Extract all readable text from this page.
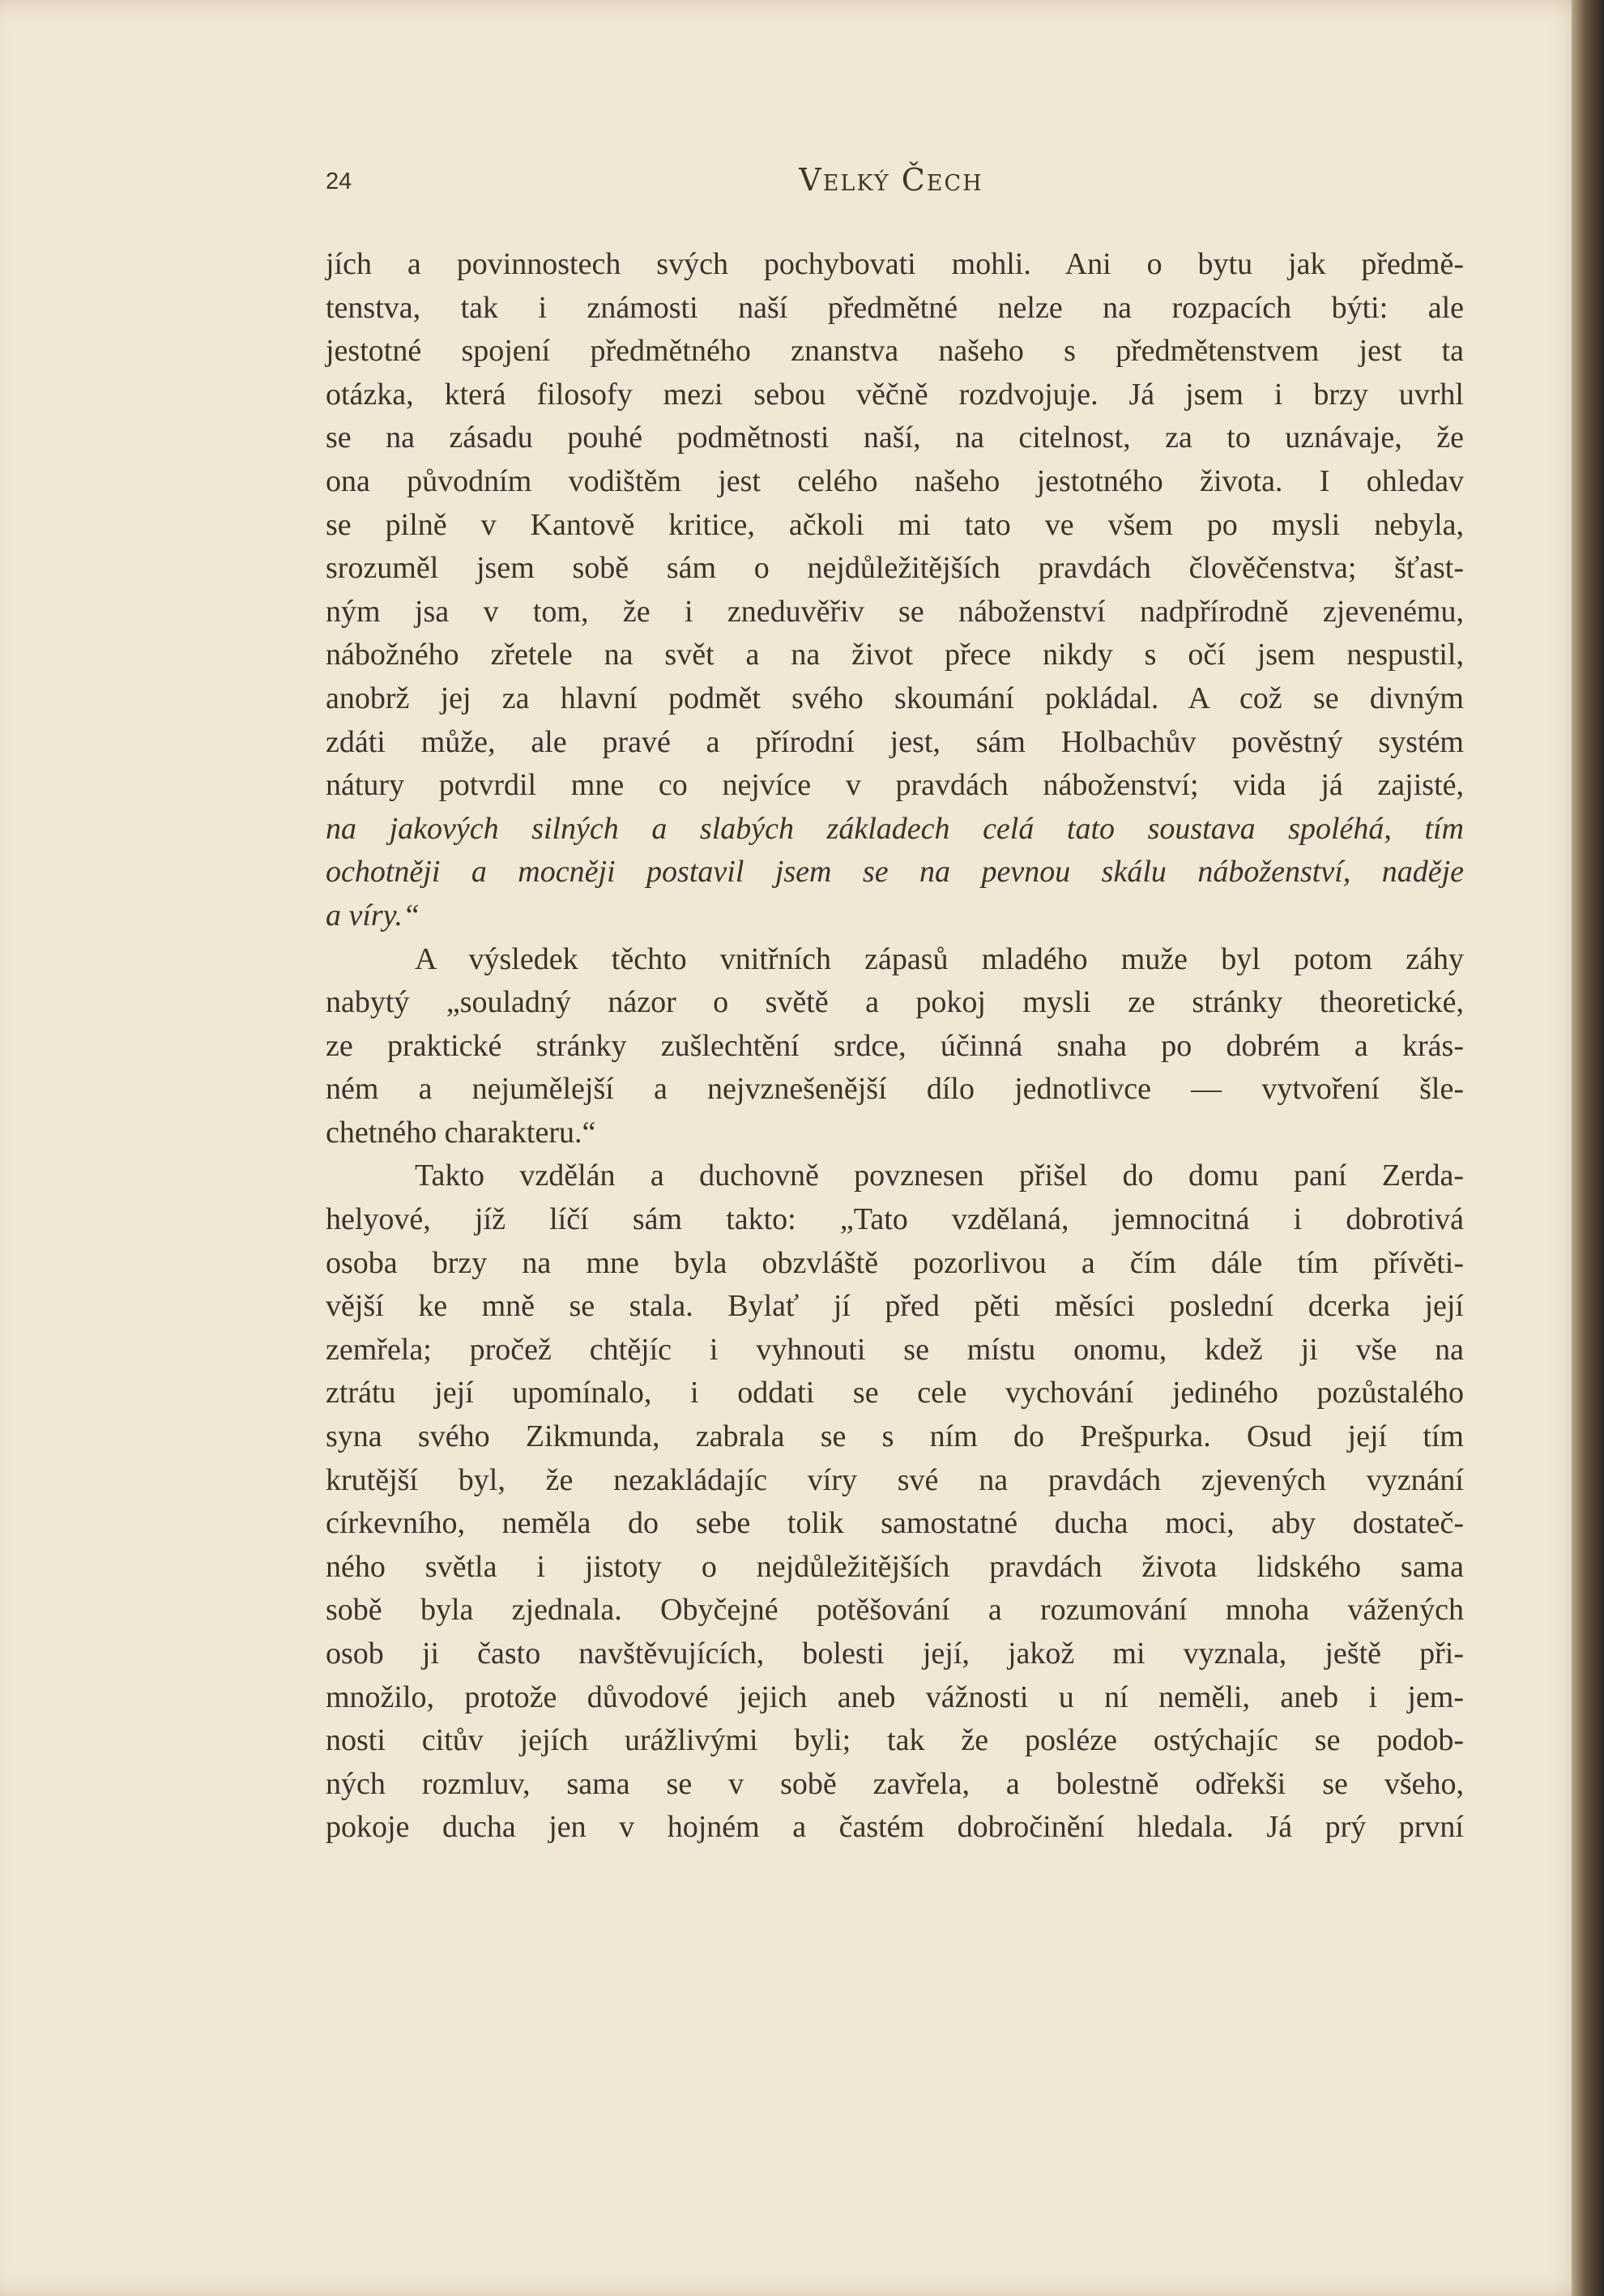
24	Velký Čech
jích a povinnostech svých pochybovati mohli. Ani o bytu jak předmě-
tenstva, tak i známosti naší předmětné nelze na rozpacích býti: ale
jestotné spojení předmětného znanstva našeho s předmětenstvem jest ta
otázka, která filosofy mezi sebou věčně rozdvojuje. Já jsem i brzy uvrhl
se na zásadu pouhé podmětnosti naší, na citelnost, za to uznávaje, že
ona původním vodištěm jest celého našeho jestotného života. I ohledav
se pilně v Kantově kritice, ačkoli mi tato ve všem po mysli nebyla,
srozuměl jsem sobě sám o nejdůležitějších pravdách člověčenstva; šťast-
ným jsa v tom, že i zneduvěřiv se náboženství nadpřírodně zjevenému,
nábožného zřetele na svět a na život přece nikdy s očí jsem nespustil,
anobrž jej za hlavní podmět svého skoumání pokládal. A což se divným
zdáti může, ale pravé a přírodní jest, sám Holbachův pověstný systém
nátury potvrdil mne co nejvíce v pravdách náboženství; vida já zajisté,
na jakových silných a slabých základech celá tato soustava spoléhá, tím
ochotněji a mocněji postavil jsem se na pevnou skálu náboženství, naděje
a víry.“
A výsledek těchto vnitřních zápasů mladého muže byl potom záhy
nabytý „souladný názor o světě a pokoj mysli ze stránky theoretické,
ze praktické stránky zušlechtění srdce, účinná snaha po dobrém a krás-
ném a nejumělejší a nejvznešenější dílo jednotlivce — vytvoření šle-
chetného charakteru.“
Takto vzdělán a duchovně povznesen přišel do domu paní Zerda-
helyové, jíž líčí sám takto: „Tato vzdělaná, jemnocitná i dobrotivá
osoba brzy na mne byla obzvláště pozorlivou a čím dále tím přívěti-
vější ke mně se stala. Bylať jí před pěti měsíci poslední dcerka její
zemřela; pročež chtějíc i vyhnouti se místu onomu, kdež ji vše na
ztrátu její upomínalo, i oddati se cele vychování jediného pozůstalého
syna svého Zikmunda, zabrala se s ním do Prešpurka. Osud její tím
krutější byl, že nezakládajíc víry své na pravdách zjevených vyznání
církevního, neměla do sebe tolik samostatné ducha moci, aby dostateč-
ného světla i jistoty o nejdůležitějších pravdách života lidského sama
sobě byla zjednala. Obyčejné potěšování a rozumování mnoha vážených
osob ji často navštěvujících, bolesti její, jakož mi vyznala, ještě při-
množilo, protože důvodové jejich aneb vážnosti u ní neměli, aneb i jem-
nosti citův jejích urážlivými byli; tak že posléze ostýchajíc se podob-
ných rozmluv, sama se v sobě zavřela, a bolestně odřekši se všeho,
pokoje ducha jen v hojném a častém dobročinění hledala. Já prý první
